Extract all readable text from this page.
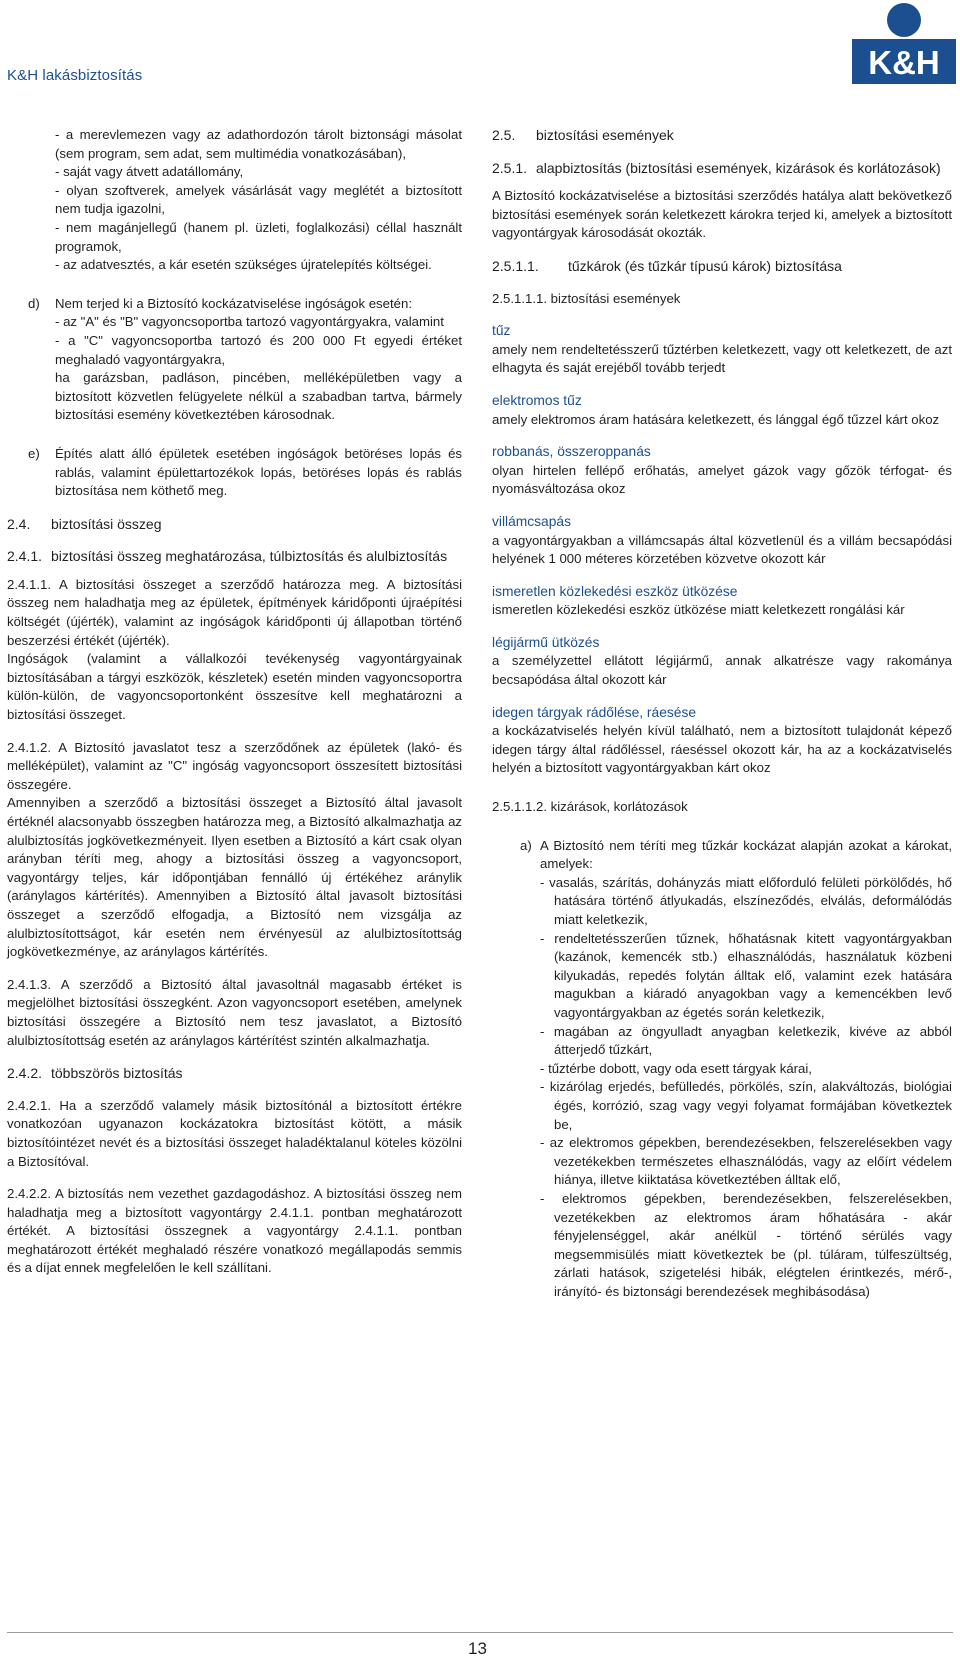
K&H lakásbiztosítás	K&H
- a merevlemezen vagy az adathordozón tárolt biztonsági másolat (sem program, sem adat, sem multimédia vonatkozásában),
- saját vagy átvett adatállomány,
- olyan szoftverek, amelyek vásárlását vagy meglétét a biztosított nem tudja igazolni,
- nem magánjellegű (hanem pl. üzleti, foglalkozási) céllal használt programok,
- az adatvesztés, a kár esetén szükséges újratelepítés költségei.
d) Nem terjed ki a Biztosító kockázatviselése ingóságok esetén:

- az "A" és "B" vagyoncsoportba tartozó vagyontárgyakra, valamint
- a "C" vagyoncsoportba tartozó és 200 000 Ft egyedi értéket meghaladó vagyontárgyakra,

ha garázsban, padláson, pincében, melléképületben vagy a biztosított közvetlen felügyelete nélkül a szabadban tartva, bármely biztosítási esemény következtében károsodnak.

e) Építés alatt álló épületek esetében ingóságok betöréses lopás és rablás, valamint épülettartozékok lopás, betöréses lopás és rablás biztosítása nem köthető meg.

2.4. biztosítási összeg

2.4.1. biztosítási összeg meghatározása, túlbiztosítás és alulbiztosítás

2.4.1.1. A biztosítási összeget a szerződő határozza meg. A biztosítási összeg nem haladhatja meg az épületek, építmények káridőponti újraépítési költségét (újérték), valamint az ingóságok káridőponti új állapotban történő beszerzési értékét (újérték).

Ingóságok (valamint a vállalkozói tevékenység vagyontárgyainak biztosításában a tárgyi eszközök, készletek) esetén minden vagyoncsoportra külön-külön, de vagyoncsoportonként összesítve kell meghatározni a biztosítási összeget.

2.4.1.2. A Biztosító javaslatot tesz a szerződőnek az épületek (lakó- és melléképület), valamint az "C" ingóság vagyoncsoport összesített biztosítási összegére.

Amennyiben a szerződő a biztosítási összeget a Biztosító által javasolt értéknél alacsonyabb összegben határozza meg, a Biztosító alkalmazhatja az alulbiztosítás jogkövetkezményeit. Ilyen esetben a Biztosító a kárt csak olyan arányban téríti meg, ahogy a biztosítási összeg a vagyoncsoport, vagyontárgy teljes, kár időpontjában fennálló új értékéhez aránylik (aránylagos kártérítés). Amennyiben a Biztosító által javasolt biztosítási összeget a szerződő elfogadja, a Biztosító nem vizsgálja az alulbiztosítottságot, kár esetén nem érvényesül az alulbiztosítottság jogkövetkezménye, az aránylagos kártérítés.

2.4.1.3. A szerződő a Biztosító által javasoltnál magasabb értéket is megjelölhet biztosítási összegként. Azon vagyoncsoport esetében, amelynek biztosítási összegére a Biztosító nem tesz javaslatot, a Biztosító alulbiztosítottság esetén az aránylagos kártérítést szintén alkalmazhatja.

2.4.2. többszörös biztosítás

2.4.2.1. Ha a szerződő valamely másik biztosítónál a biztosított értékre vonatkozóan ugyanazon kockázatokra biztosítást kötött, a másik biztosítóintézet nevét és a biztosítási összeget haladéktalanul köteles közölni a Biztosítóval.

2.4.2.2. A biztosítás nem vezethet gazdagodáshoz. A biztosítási összeg nem haladhatja meg a biztosított vagyontárgy 2.4.1.1. pontban meghatározott értékét. A biztosítási összegnek a vagyontárgy 2.4.1.1. pontban meghatározott értékét meghaladó részére vonatkozó megállapodás semmis és a díjat ennek megfelelően le kell szállítani.

2.5. biztosítási események

2.5.1. alapbiztosítás (biztosítási események, kizárások és korlátozások)

A Biztosító kockázatviselése a biztosítási szerződés hatálya alatt bekövetkező biztosítási események során keletkezett károkra terjed ki, amelyek a biztosított vagyontárgyak károsodását okozták.

2.5.1.1. tűzkárok (és tűzkár típusú károk) biztosítása

2.5.1.1.1. biztosítási események

tűz

amely nem rendeltetésszerű tűztérben keletkezett, vagy ott keletkezett, de azt elhagyta és saját erejéből tovább terjedt

elektromos tűz

amely elektromos áram hatására keletkezett, és lánggal égő tűzzel kárt okoz

robbanás, összeroppanás

olyan hirtelen fellépő erőhatás, amelyet gázok vagy gőzök térfogat- és nyomásváltozása okoz

villámcsapás

a vagyontárgyakban a villámcsapás által közvetlenül és a villám becsapódási helyének 1 000 méteres körzetében közvetve okozott kár

ismeretlen közlekedési eszköz ütközése

ismeretlen közlekedési eszköz ütközése miatt keletkezett rongálási kár

légijármű ütközés

a személyzettel ellátott légijármű, annak alkatrésze vagy rakománya becsapódása által okozott kár

idegen tárgyak rádőlése, ráesése

a kockázatviselés helyén kívül található, nem a biztosított tulajdonát képező idegen tárgy által rádőléssel, ráeséssel okozott kár, ha az a kockázatviselés helyén a biztosított vagyontárgyakban kárt okoz

2.5.1.1.2. kizárások, korlátozások

a) A Biztosító nem téríti meg tűzkár kockázat alapján azokat a károkat, amelyek:

- vasalás, szárítás, dohányzás miatt előforduló felületi pörkölődés, hő hatására történő átlyukadás, elszíneződés, elválás, deformálódás miatt keletkezik,
- rendeltetésszerűen tűznek, hőhatásnak kitett vagyontárgyakban (kazánok, kemencék stb.) elhasználódás, használatuk közbeni kilyukadás, repedés folytán álltak elő, valamint ezek hatására magukban a kiáradó anyagokban vagy a kemencékben levő vagyontárgyakban az égetés során keletkezik,
- magában az öngyulladt anyagban keletkezik, kivéve az abból átterjedő tűzkárt,
- tűztérbe dobott, vagy oda esett tárgyak kárai,
- kizárólag erjedés, befülledés, pörkölés, szín, alakváltozás, biológiai égés, korrózió, szag vagy vegyi folyamat formájában következtek be,
- az elektromos gépekben, berendezésekben, felszerelésekben vagy vezetékekben természetes elhasználódás, vagy az előírt védelem hiánya, illetve kiiktatása következtében álltak elő,
- elektromos gépekben, berendezésekben, felszerelésekben, vezetékekben az elektromos áram hőhatására - akár fényjelenséggel, akár anélkül - történő sérülés vagy megsemmisülés miatt következtek be (pl. túláram, túlfeszültség, zárlati hatások, szigetelési hibák, elégtelen érintkezés, mérő-, irányító- és biztonsági berendezések meghibásodása)
13
